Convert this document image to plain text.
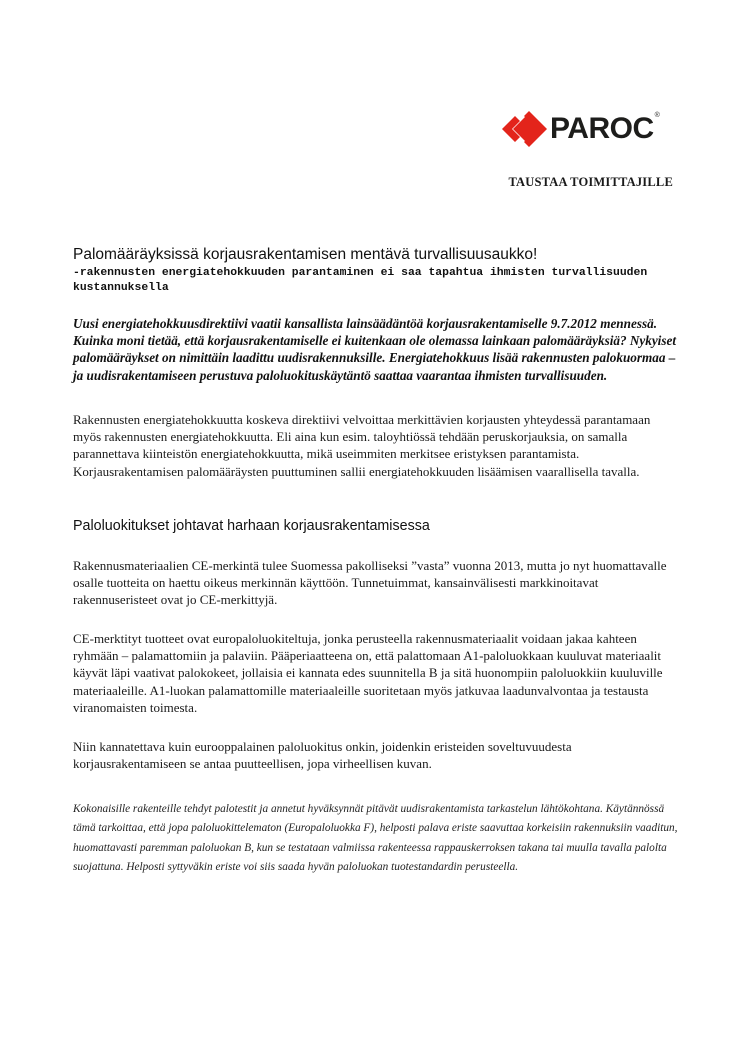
PAROC ®
TAUSTAA TOIMITTAJILLE
Palomääräyksissä korjausrakentamisen mentävä turvallisuusaukko!

-rakennusten energiatehokkuuden parantaminen ei saa tapahtua ihmisten turvallisuuden kustannuksella

Uusi energiatehokkuusdirektiivi vaatii kansallista lainsäädäntöä korjausrakentamiselle 9.7.2012 mennessä. Kuinka moni tietää, että korjausrakentamiselle ei kuitenkaan ole olemassa lainkaan palomääräyksiä? Nykyiset palomääräykset on nimittäin laadittu uudisrakennuksille. Energiatehokkuus lisää rakennusten palokuormaa – ja uudisrakentamiseen perustuva paloluokituskäytäntö saattaa vaarantaa ihmisten turvallisuuden.

Rakennusten energiatehokkuutta koskeva direktiivi velvoittaa merkittävien korjausten yhteydessä parantamaan myös rakennusten energiatehokkuutta. Eli aina kun esim. taloyhtiössä tehdään peruskorjauksia, on samalla parannettava kiinteistön energiatehokkuutta, mikä useimmiten merkitsee eristyksen parantamista. Korjausrakentamisen palomääräysten puuttuminen sallii energiatehokkuuden lisäämisen vaarallisella tavalla.

Paloluokitukset johtavat harhaan korjausrakentamisessa

Rakennusmateriaalien CE-merkintä tulee Suomessa pakolliseksi ”vasta” vuonna 2013, mutta jo nyt huomattavalle osalle tuotteita on haettu oikeus merkinnän käyttöön. Tunnetuimmat, kansainvälisesti markkinoitavat rakennuseristeet ovat jo CE-merkittyjä.

CE-merktityt tuotteet ovat europaloluokiteltuja, jonka perusteella rakennusmateriaalit voidaan jakaa kahteen ryhmään – palamattomiin ja palaviin. Pääperiaatteena on, että palattomaan A1-paloluokkaan kuuluvat materiaalit käyvät läpi vaativat palokokeet, jollaisia ei kannata edes suunnitella B ja sitä huonompiin paloluokkiin kuuluville materiaaleille. A1-luokan palamattomille materiaaleille suoritetaan myös jatkuvaa laadunvalvontaa ja testausta viranomaisten toimesta.

Niin kannatettava kuin eurooppalainen paloluokitus onkin, joidenkin eristeiden soveltuvuudesta korjausrakentamiseen se antaa puutteellisen, jopa virheellisen kuvan.

Kokonaisille rakenteille tehdyt palotestit ja annetut hyväksynnät pitävät uudisrakentamista tarkastelun lähtökohtana. Käytännössä tämä tarkoittaa, että jopa paloluokittelematon (Europaloluokka F), helposti palava eriste saavuttaa korkeisiin rakennuksiin vaaditun, huomattavasti paremman paloluokan B, kun se testataan valmiissa rakenteessa rappauskerroksen takana tai muulla tavalla palolta suojattuna. Helposti syttyväkin eriste voi siis saada hyvän paloluokan tuotestandardin perusteella.
